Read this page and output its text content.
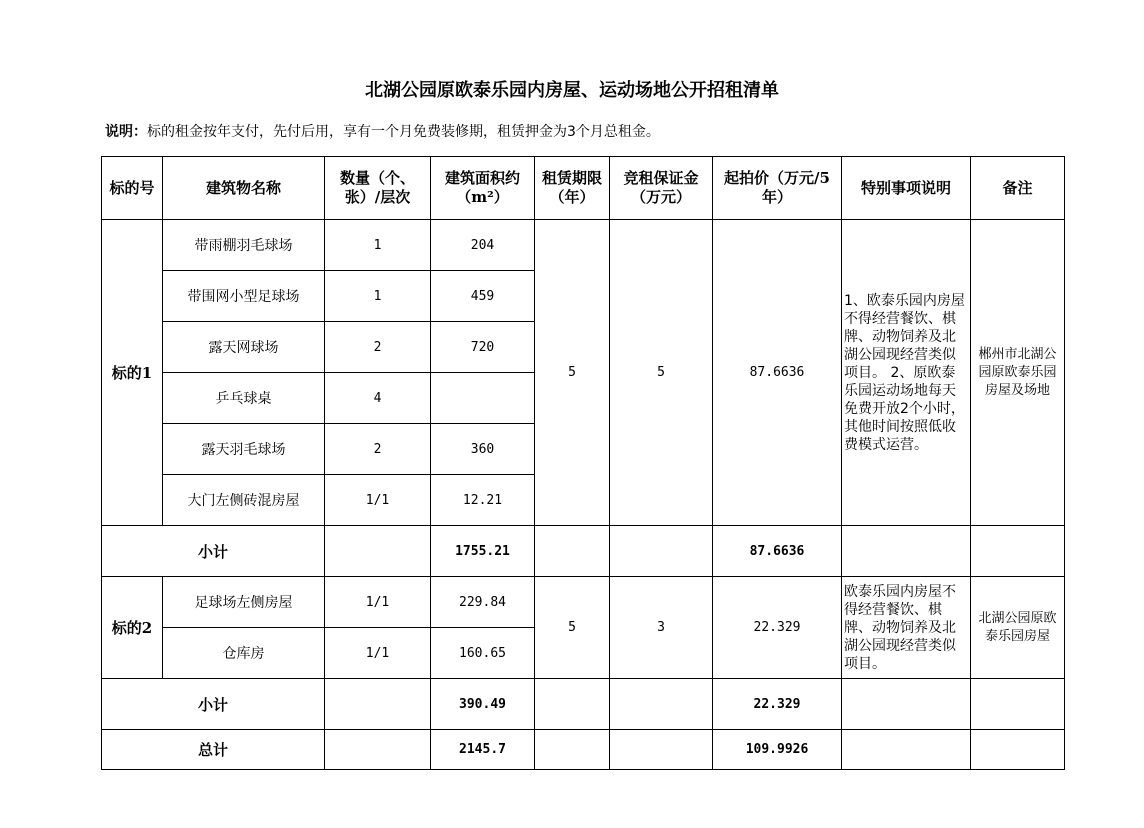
北湖公园原欧泰乐园内房屋、运动场地公开招租清单
说明：标的租金按年支付，先付后用，享有一个月免费装修期，租赁押金为3个月总租金。
标的号	建筑物名称	数量（个、张）/层次	建筑面积约（m²）	租赁期限（年）	竞租保证金（万元）	起拍价（万元/5年）	特别事项说明	备注
标的1	带雨棚羽毛球场	1	204	5	5	87.6636	1、欧泰乐园内房屋不得经营餐饮、棋牌、动物饲养及北湖公园现经营类似项目。 2、原欧泰乐园运动场地每天免费开放2个小时，其他时间按照低收费模式运营。	郴州市北湖公园原欧泰乐园房屋及场地
	带围网小型足球场	1	459					
	露天网球场	2	720					
	乒乓球桌	4						
	露天羽毛球场	2	360					
	大门左侧砖混房屋	1/1	12.21					
小计			1755.21			87.6636		
标的2	足球场左侧房屋	1/1	229.84	5	3	22.329	欧泰乐园内房屋不得经营餐饮、棋牌、动物饲养及北湖公园现经营类似项目。	北湖公园原欧泰乐园房屋
	仓库房	1/1	160.65					
小计			390.49			22.329		
总计			2145.7			109.9926		
